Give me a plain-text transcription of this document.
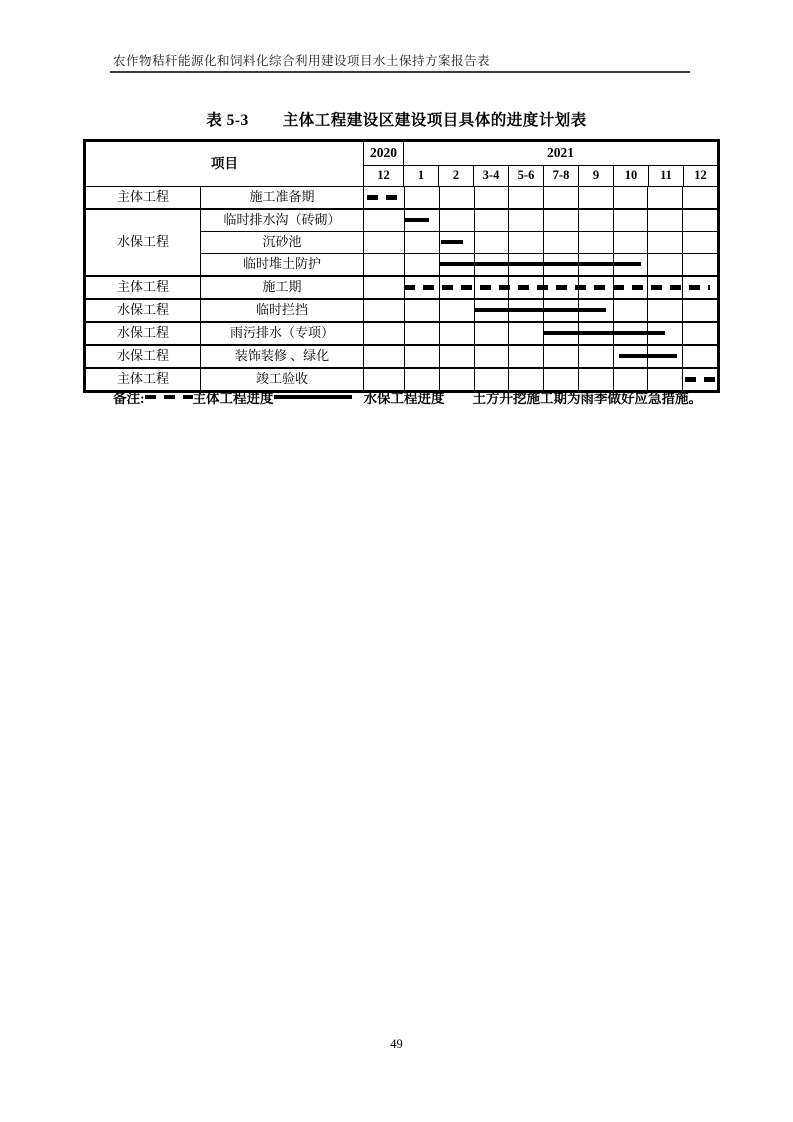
农作物秸秆能源化和饲料化综合利用建设项目水土保持方案报告表
表 5-3 主体工程建设区建设项目具体的进度计划表
项目		2020	2021								
		12	1	2	3-4	5-6	7-8	9	10	11	12
主体工程	施工准备期										

水保工程	临时排水沟（砖砌）										

	沉砂池										

	临时堆土防护										

主体工程	施工期										

水保工程	临时拦挡										

水保工程	雨污排水（专项）										

水保工程	装饰装修 、绿化										

主体工程	竣工验收										
备注:	主体工程进度	水保工程进度 土方开挖施工期为雨季做好应急措施。
49
